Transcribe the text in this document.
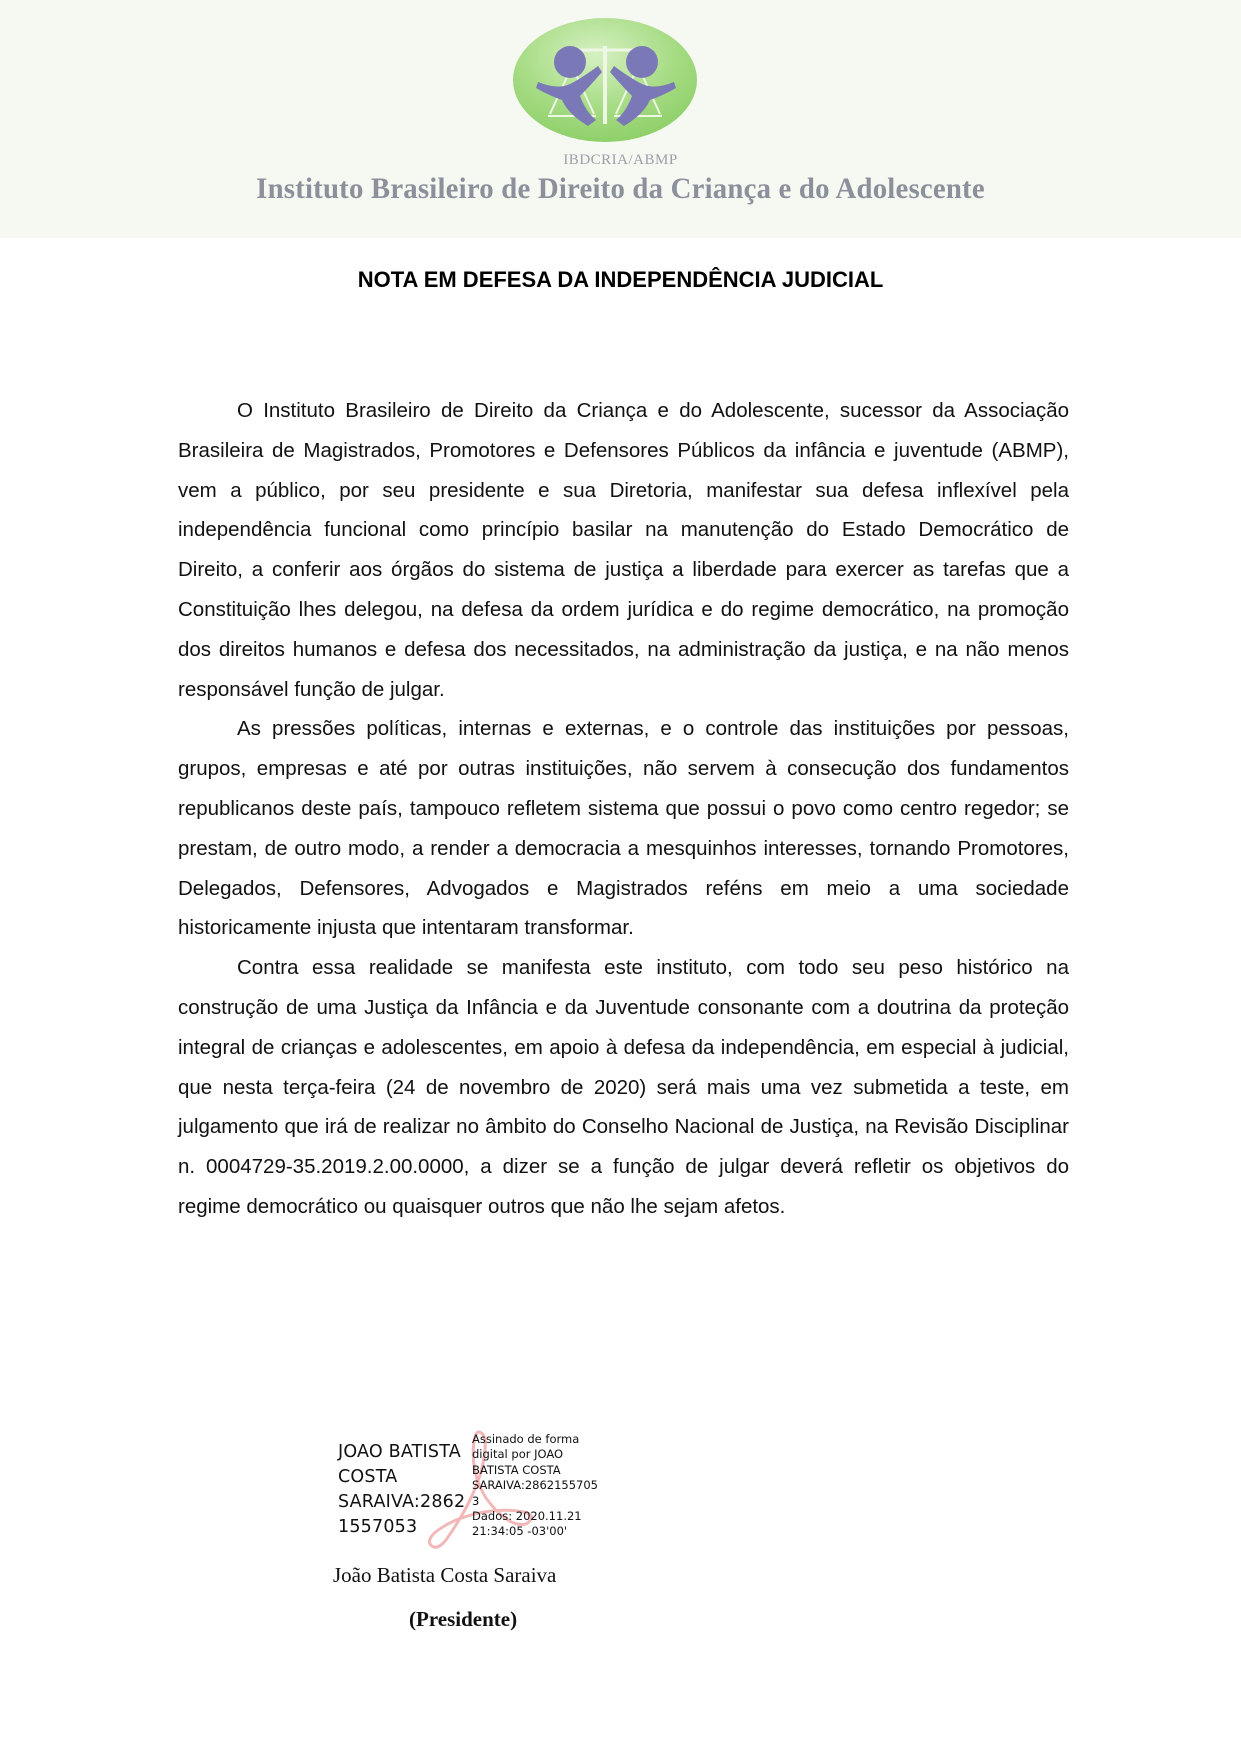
IBDCRIA/ABMP
Instituto Brasileiro de Direito da Criança e do Adolescente
NOTA EM DEFESA DA INDEPENDÊNCIA JUDICIAL

O Instituto Brasileiro de Direito da Criança e do Adolescente, sucessor da Associação Brasileira de Magistrados, Promotores e Defensores Públicos da infância e juventude (ABMP), vem a público, por seu presidente e sua Diretoria, manifestar sua defesa inflexível pela independência funcional como princípio basilar na manutenção do Estado Democrático de Direito, a conferir aos órgãos do sistema de justiça a liberdade para exercer as tarefas que a Constituição lhes delegou, na defesa da ordem jurídica e do regime democrático, na promoção dos direitos humanos e defesa dos necessitados, na administração da justiça, e na não menos responsável função de julgar.

As pressões políticas, internas e externas, e o controle das instituições por pessoas, grupos, empresas e até por outras instituições, não servem à consecução dos fundamentos republicanos deste país, tampouco refletem sistema que possui o povo como centro regedor; se prestam, de outro modo, a render a democracia a mesquinhos interesses, tornando Promotores, Delegados, Defensores, Advogados e Magistrados reféns em meio a uma sociedade historicamente injusta que intentaram transformar.

Contra essa realidade se manifesta este instituto, com todo seu peso histórico na construção de uma Justiça da Infância e da Juventude consonante com a doutrina da proteção integral de crianças e adolescentes, em apoio à defesa da independência, em especial à judicial, que nesta terça-feira (24 de novembro de 2020) será mais uma vez submetida a teste, em julgamento que irá de realizar no âmbito do Conselho Nacional de Justiça, na Revisão Disciplinar n. 0004729-35.2019.2.00.0000, a dizer se a função de julgar deverá refletir os objetivos do regime democrático ou quaisquer outros que não lhe sejam afetos.

JOAO BATISTA
COSTA
SARAIVA:2862
1557053
Assinado de forma
digital por JOAO
BATISTA COSTA
SARAIVA:2862155705
3
Dados: 2020.11.21
21:34:05 -03'00'
João Batista Costa Saraiva
(Presidente)
